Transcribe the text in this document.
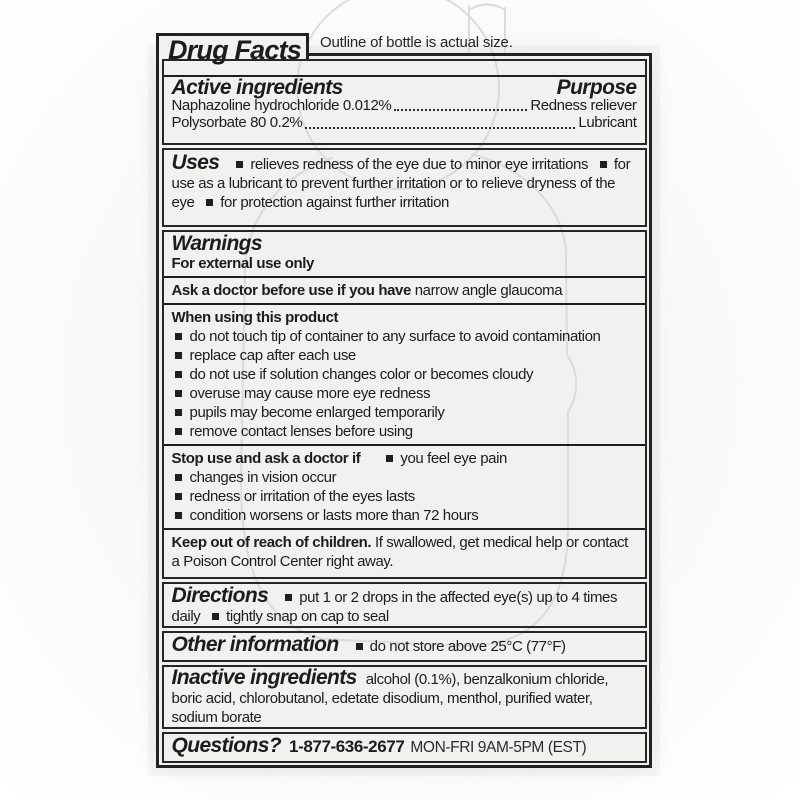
Outline of bottle is actual size.
Drug Facts
Active ingredients	Purpose
Naphazoline hydrochloride 0.012%	Redness reliever
Polysorbate 80 0.2%	Lubricant

Uses relieves redness of the eye due to minor eye irritations for use as a lubricant to prevent further irritation or to relieve dryness of the eye for protection against further irritation

Warnings
For external use only

Ask a doctor before use if you have narrow angle glaucoma

When using this product
do not touch tip of container to any surface to avoid contamination
replace cap after each use
do not use if solution changes color or becomes cloudy
overuse may cause more eye redness
pupils may become enlarged temporarily
remove contact lenses before using

Stop use and ask a doctor if	you feel eye pain

changes in vision occur
redness or irritation of the eyes lasts
condition worsens or lasts more than 72 hours

Keep out of reach of children. If swallowed, get medical help or contact a Poison Control Center right away.

Directions put 1 or 2 drops in the affected eye(s) up to 4 times daily tightly snap on cap to seal

Other information do not store above 25°C (77°F)

Inactive ingredients alcohol (0.1%), benzalkonium chloride, boric acid, chlorobutanol, edetate disodium, menthol, purified water, sodium borate

Questions? 1-877-636-2677 MON-FRI 9AM-5PM (EST)
